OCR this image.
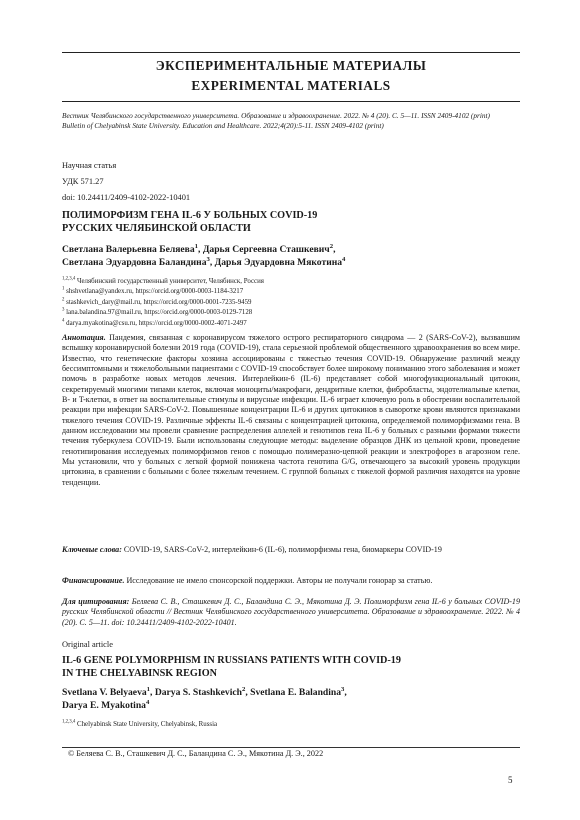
ЭКСПЕРИМЕНТАЛЬНЫЕ МАТЕРИАЛЫ
EXPERIMENTAL MATERIALS
Вестник Челябинского государственного университета. Образование и здравоохранение. 2022. № 4 (20). С. 5—11. ISSN 2409-4102 (print)
Bulletin of Chelyabinsk State University. Education and Healthcare. 2022;4(20):5-11. ISSN 2409-4102 (print)
Научная статья
УДК 571.27
doi: 10.24411/2409-4102-2022-10401
ПОЛИМОРФИЗМ ГЕНА IL-6 У БОЛЬНЫХ COVID-19
РУССКИХ ЧЕЛЯБИНСКОЙ ОБЛАСТИ
Светлана Валерьевна Беляева$^1$, Дарья Сергеевна Сташкевич$^2$,
Светлана Эдуардовна Баландина$^3$, Дарья Эдуардовна Мякотина$^4$
$^{1,2,3,4}$ Челябинский государственный университет, Челябинск, Россия
$^1$ shshvetlana@yandex.ru, https://orcid.org/0000-0003-1184-3217
$^2$ stashkevich_dary@mail.ru, https://orcid.org/0000-0001-7235-9459
$^3$ lana.balandina.97@mail.ru, https://orcid.org/0000-0003-0129-7128
$^4$ darya.myakotina@csu.ru, https://orcid.org/0000-0002-4071-2497
Аннотация. Пандемия, связанная с коронавирусом тяжелого острого респираторного синдрома — 2 (SARS-CoV-2), вызвавшим вспышку коронавирусной болезни 2019 года (COVID-19), стала серьезной проблемой общественного здравоохранения во всем мире. Известно, что генетические факторы хозяина ассоциированы с тяжестью течения COVID-19. Обнаружение различий между бессимптомными и тяжелобольными пациентами с COVID-19 способствует более широкому пониманию этого заболевания и может помочь в разработке новых методов лечения. Интерлейкин-6 (IL-6) представляет собой многофункциональный цитокин, секретируемый многими типами клеток, включая моноциты/макрофаги, дендритные клетки, фибробласты, эндотелиальные клетки, B- и T-клетки, в ответ на воспалительные стимулы и вирусные инфекции. IL-6 играет ключевую роль в обострении воспалительной реакции при инфекции SARS-CoV-2. Повышенные концентрации IL-6 и других цитокинов в сыворотке крови являются признаками тяжелого течения COVID-19. Различные эффекты IL-6 связаны с концентрацией цитокина, определяемой полиморфизмами гена. В данном исследовании мы провели сравнение распределения аллелей и генотипов гена IL-6 у больных с разными формами тяжести течения туберкулеза COVID-19. Были использованы следующие методы: выделение образцов ДНК из цельной крови, проведение генотипирования исследуемых полиморфизмов генов с помощью полимеразно-цепной реакции и электрофорез в агарозном геле. Мы установили, что у больных с легкой формой понижена частота генотипа G/G, отвечающего за высокий уровень продукции цитокина, в сравнении с больными с более тяжелым течением. С группой больных с тяжелой формой различия находятся на уровне тенденции.
Ключевые слова: COVID-19, SARS-CoV-2, интерлейкин-6 (IL-6), полиморфизмы гена, биомаркеры COVID-19
Финансирование. Исследование не имело спонсорской поддержки. Авторы не получали гонорар за статью.
Для цитирования: Беляева С. В., Сташкевич Д. С., Баландина С. Э., Мякотина Д. Э. Полиморфизм гена IL-6 у больных COVID-19 русских Челябинской области // Вестник Челябинского государственного университета. Образование и здравоохранение. 2022. № 4 (20). С. 5—11. doi: 10.24411/2409-4102-2022-10401.
Original article
IL-6 GENE POLYMORPHISM IN RUSSIANS PATIENTS WITH COVID-19
IN THE CHELYABINSK REGION
Svetlana V. Belyaeva$^1$, Darya S. Stashkevich$^2$, Svetlana E. Balandina$^3$,
Darya E. Myakotina$^4$
$^{1,2,3,4}$ Chelyabinsk State University, Chelyabinsk, Russia
© Беляева С. В., Сташкевич Д. С., Баландина С. Э., Мякотина Д. Э., 2022
5
